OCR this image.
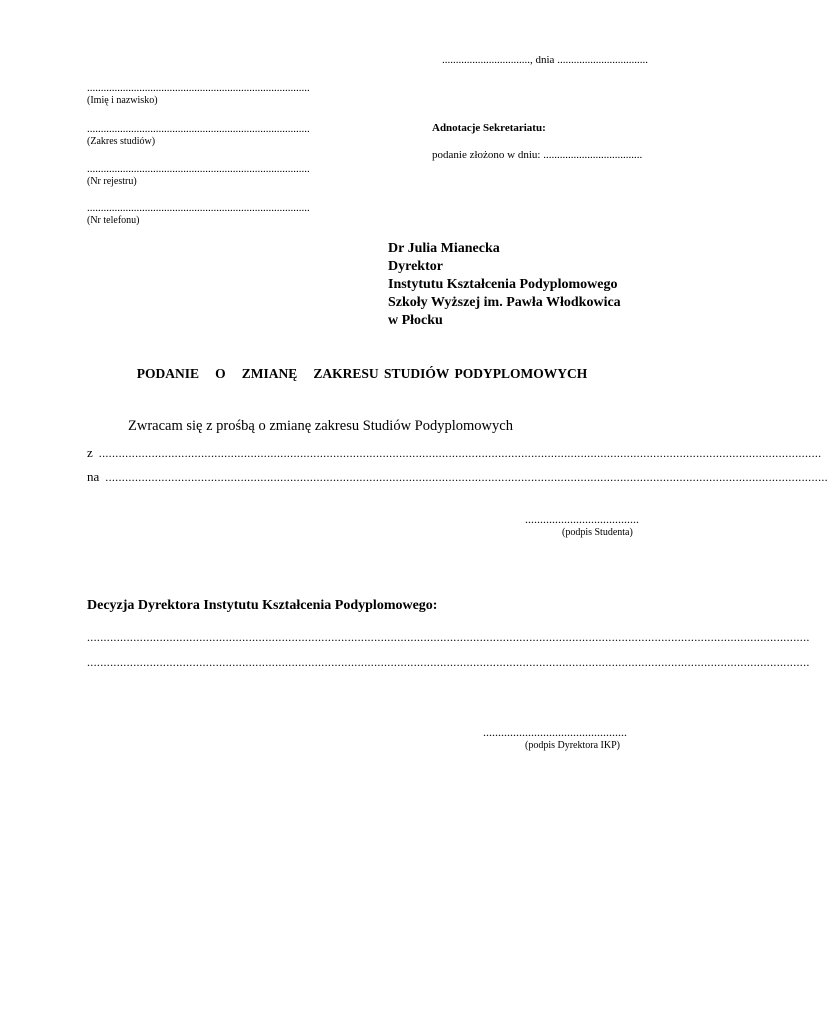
................................, dnia .................................
.................................................................................
(Imię i nazwisko)
.................................................................................
(Zakres studiów)
.................................................................................
(Nr rejestru)
.................................................................................
(Nr telefonu)
Adnotacje Sekretariatu:
podanie złożono w dniu: ....................................
Dr Julia Mianecka
Dyrektor
Instytutu Kształcenia Podyplomowego
Szkoły Wyższej im. Pawła Włodkowica
w Płocku
PODANIE   O   ZMIANĘ   ZAKRESU STUDIÓW PODYPLOMOWYCH
Zwracam się z prośbą o zmianę zakresu Studiów Podyplomowych
z ...........................................................................................................................................................................................................................
na ...........................................................................................................................................................................................................................
......................................
(podpis Studenta)
Decyzja Dyrektora Instytutu Kształcenia Podyplomowego:
...........................................................................................................................................................................................................................
...........................................................................................................................................................................................................................
................................................
(podpis Dyrektora IKP)
